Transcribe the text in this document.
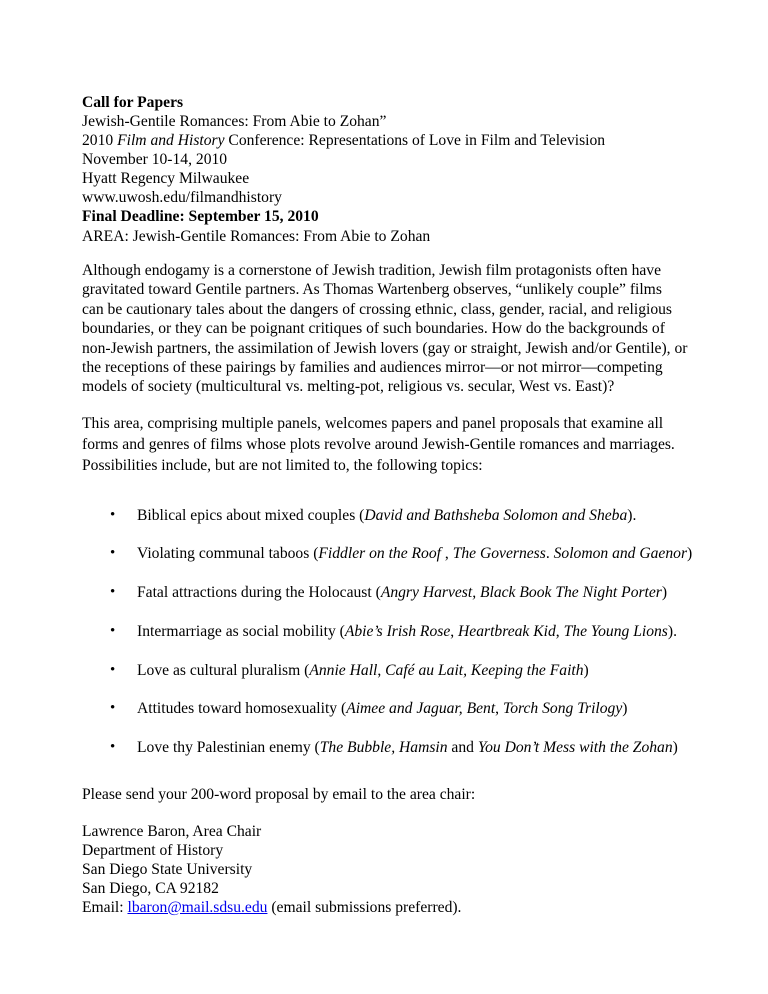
Call for Papers
Jewish-Gentile Romances: From Abie to Zohan”
2010 Film and History Conference: Representations of Love in Film and Television
November 10-14, 2010
Hyatt Regency Milwaukee
www.uwosh.edu/filmandhistory
Final Deadline: September 15, 2010
AREA: Jewish-Gentile Romances: From Abie to Zohan
Although endogamy is a cornerstone of Jewish tradition, Jewish film protagonists often have
gravitated toward Gentile partners. As Thomas Wartenberg observes, “unlikely couple” films
can be cautionary tales about the dangers of crossing ethnic, class, gender, racial, and religious
boundaries, or they can be poignant critiques of such boundaries. How do the backgrounds of
non-Jewish partners, the assimilation of Jewish lovers (gay or straight, Jewish and/or Gentile), or
the receptions of these pairings by families and audiences mirror—or not mirror—competing
models of society (multicultural vs. melting-pot, religious vs. secular, West vs. East)?
This area, comprising multiple panels, welcomes papers and panel proposals that examine all
forms and genres of films whose plots revolve around Jewish-Gentile romances and marriages.
Possibilities include, but are not limited to, the following topics:
• Biblical epics about mixed couples (David and Bathsheba Solomon and Sheba).
• Violating communal taboos (Fiddler on the Roof , The Governess. Solomon and Gaenor)
• Fatal attractions during the Holocaust (Angry Harvest, Black Book The Night Porter)
• Intermarriage as social mobility (Abie’s Irish Rose, Heartbreak Kid, The Young Lions).
• Love as cultural pluralism (Annie Hall, Café au Lait, Keeping the Faith)
• Attitudes toward homosexuality (Aimee and Jaguar, Bent, Torch Song Trilogy)
• Love thy Palestinian enemy (The Bubble, Hamsin and You Don’t Mess with the Zohan)
Please send your 200-word proposal by email to the area chair:
Lawrence Baron, Area Chair
Department of History
San Diego State University
San Diego, CA 92182
Email: lbaron@mail.sdsu.edu (email submissions preferred).
